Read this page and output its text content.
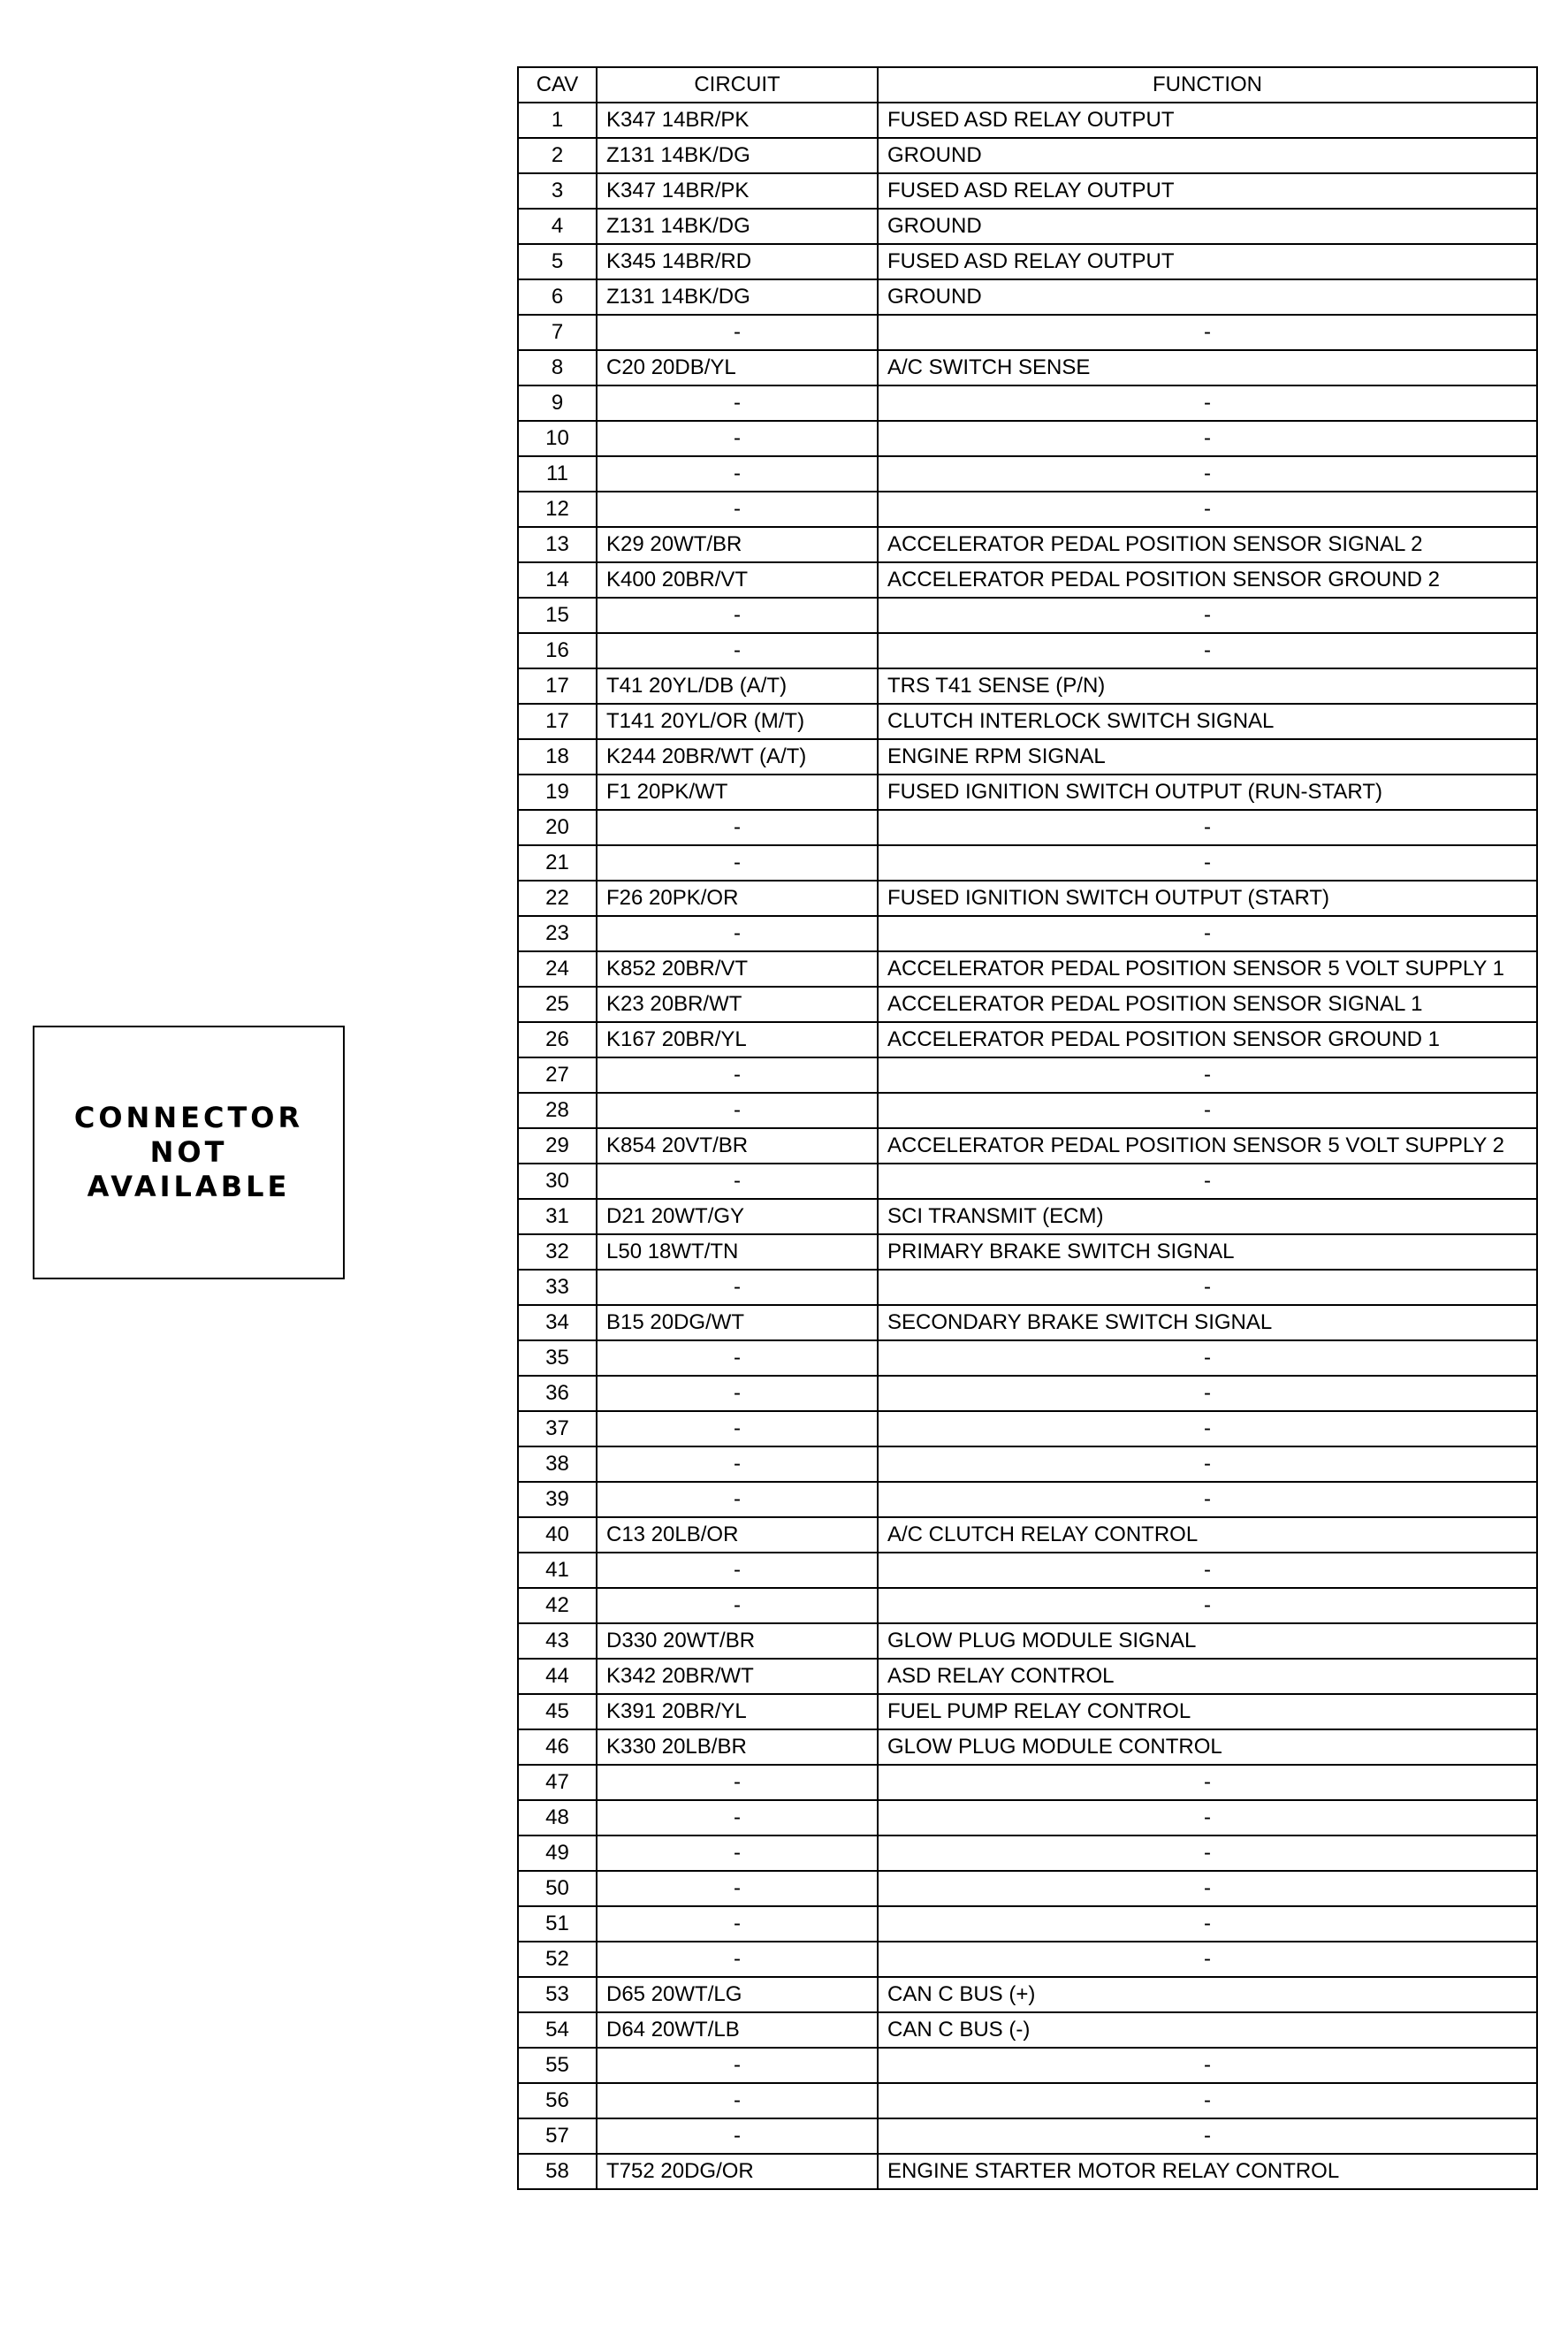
CONNECTOR
NOT
AVAILABLE
CAV	CIRCUIT	FUNCTION
1	K347 14BR/PK	FUSED ASD RELAY OUTPUT
2	Z131 14BK/DG	GROUND
3	K347 14BR/PK	FUSED ASD RELAY OUTPUT
4	Z131 14BK/DG	GROUND
5	K345 14BR/RD	FUSED ASD RELAY OUTPUT
6	Z131 14BK/DG	GROUND
7	-	-
8	C20 20DB/YL	A/C SWITCH SENSE
9	-	-
10	-	-
11	-	-
12	-	-
13	K29 20WT/BR	ACCELERATOR PEDAL POSITION SENSOR SIGNAL 2
14	K400 20BR/VT	ACCELERATOR PEDAL POSITION SENSOR GROUND 2
15	-	-
16	-	-
17	T41 20YL/DB (A/T)	TRS T41 SENSE (P/N)
17	T141 20YL/OR (M/T)	CLUTCH INTERLOCK SWITCH SIGNAL
18	K244 20BR/WT (A/T)	ENGINE RPM SIGNAL
19	F1 20PK/WT	FUSED IGNITION SWITCH OUTPUT (RUN-START)
20	-	-
21	-	-
22	F26 20PK/OR	FUSED IGNITION SWITCH OUTPUT (START)
23	-	-
24	K852 20BR/VT	ACCELERATOR PEDAL POSITION SENSOR 5 VOLT SUPPLY 1
25	K23 20BR/WT	ACCELERATOR PEDAL POSITION SENSOR SIGNAL 1
26	K167 20BR/YL	ACCELERATOR PEDAL POSITION SENSOR GROUND 1
27	-	-
28	-	-
29	K854 20VT/BR	ACCELERATOR PEDAL POSITION SENSOR 5 VOLT SUPPLY 2
30	-	-
31	D21 20WT/GY	SCI TRANSMIT (ECM)
32	L50 18WT/TN	PRIMARY BRAKE SWITCH SIGNAL
33	-	-
34	B15 20DG/WT	SECONDARY BRAKE SWITCH SIGNAL
35	-	-
36	-	-
37	-	-
38	-	-
39	-	-
40	C13 20LB/OR	A/C CLUTCH RELAY CONTROL
41	-	-
42	-	-
43	D330 20WT/BR	GLOW PLUG MODULE SIGNAL
44	K342 20BR/WT	ASD RELAY CONTROL
45	K391 20BR/YL	FUEL PUMP RELAY CONTROL
46	K330 20LB/BR	GLOW PLUG MODULE CONTROL
47	-	-
48	-	-
49	-	-
50	-	-
51	-	-
52	-	-
53	D65 20WT/LG	CAN C BUS (+)
54	D64 20WT/LB	CAN C BUS (-)
55	-	-
56	-	-
57	-	-
58	T752 20DG/OR	ENGINE STARTER MOTOR RELAY CONTROL
